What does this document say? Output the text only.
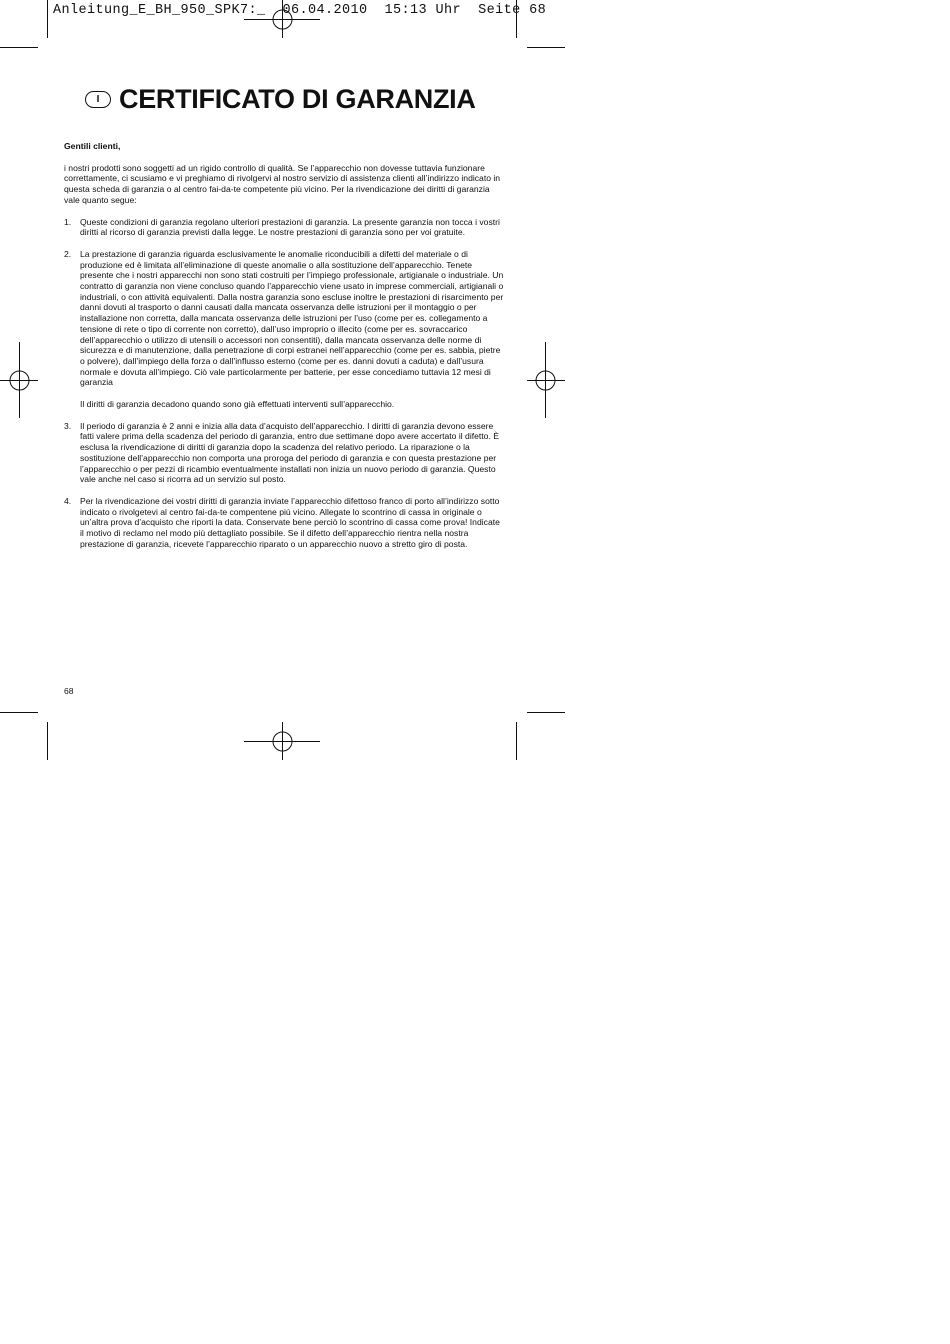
Anleitung_E_BH_950_SPK7:_  06.04.2010  15:13 Uhr  Seite 68
I CERTIFICATO DI GARANZIA

Gentili clienti,

i nostri prodotti sono soggetti ad un rigido controllo di qualità. Se l’apparecchio non dovesse tuttavia funzionare correttamente, ci scusiamo e vi preghiamo di rivolgervi al nostro servizio di assistenza clienti all’indirizzo indicato in questa scheda di garanzia o al centro fai-da-te competente più vicino. Per la rivendicazione dei diritti di garanzia vale quanto segue:

1.	Queste condizioni di garanzia regolano ulteriori prestazioni di garanzia. La presente garanzia non tocca i vostri diritti al ricorso di garanzia previsti dalla legge. Le nostre prestazioni di garanzia sono per voi gratuite.

2.	La prestazione di garanzia riguarda esclusivamente le anomalie riconducibili a difetti del materiale o di produzione ed è limitata all’eliminazione di queste anomalie o alla sostituzione dell’apparecchio. Tenete presente che i nostri apparecchi non sono stati costruiti per l’impiego professionale, artigianale o industriale. Un contratto di garanzia non viene concluso quando l’apparecchio viene usato in imprese commerciali, artigianali o industriali, o con attività equivalenti. Dalla nostra garanzia sono escluse inoltre le prestazioni di risarcimento per danni dovuti al trasporto o danni causati dalla mancata osservanza delle istruzioni per il montaggio o per installazione non corretta, dalla mancata osservanza delle istruzioni per l’uso (come per es. collegamento a tensione di rete o tipo di corrente non corretto), dall’uso improprio o illecito (come per es. sovraccarico dell’apparecchio o utilizzo di utensili o accessori non consentiti), dalla mancata osservanza delle norme di sicurezza e di manutenzione, dalla penetrazione di corpi estranei nell’apparecchio (come per es. sabbia, pietre o polvere), dall’impiego della forza o dall’influsso esterno (come per es. danni dovuti a caduta) e dall’usura normale e dovuta all’impiego. Ciò vale particolarmente per batterie, per esse concediamo tuttavia 12 mesi di garanzia

Il diritti di garanzia decadono quando sono già effettuati interventi sull’apparecchio.

3.	Il periodo di garanzia è 2 anni e inizia alla data d’acquisto dell’apparecchio. I diritti di garanzia devono essere fatti valere prima della scadenza del periodo di garanzia, entro due settimane dopo avere accertato il difetto. È esclusa la rivendicazione di diritti di garanzia dopo la scadenza del relativo periodo. La riparazione o la sostituzione dell’apparecchio non comporta una proroga del periodo di garanzia e con questa prestazione per l’apparecchio o per pezzi di ricambio eventualmente installati non inizia un nuovo periodo di garanzia. Questo vale anche nel caso si ricorra ad un servizio sul posto.

4.	Per la rivendicazione dei vostri diritti di garanzia inviate l’apparecchio difettoso franco di porto all’indirizzo sotto indicato o rivolgetevi al centro fai-da-te compentene più vicino. Allegate lo scontrino di cassa in originale o un’altra prova d’acquisto che riporti la data. Conservate bene perciò lo scontrino di cassa come prova! Indicate il motivo di reclamo nel modo più dettagliato possibile. Se il difetto dell’apparecchio rientra nella nostra prestazione di garanzia, ricevete l’apparecchio riparato o un apparecchio nuovo a stretto giro di posta.

68
